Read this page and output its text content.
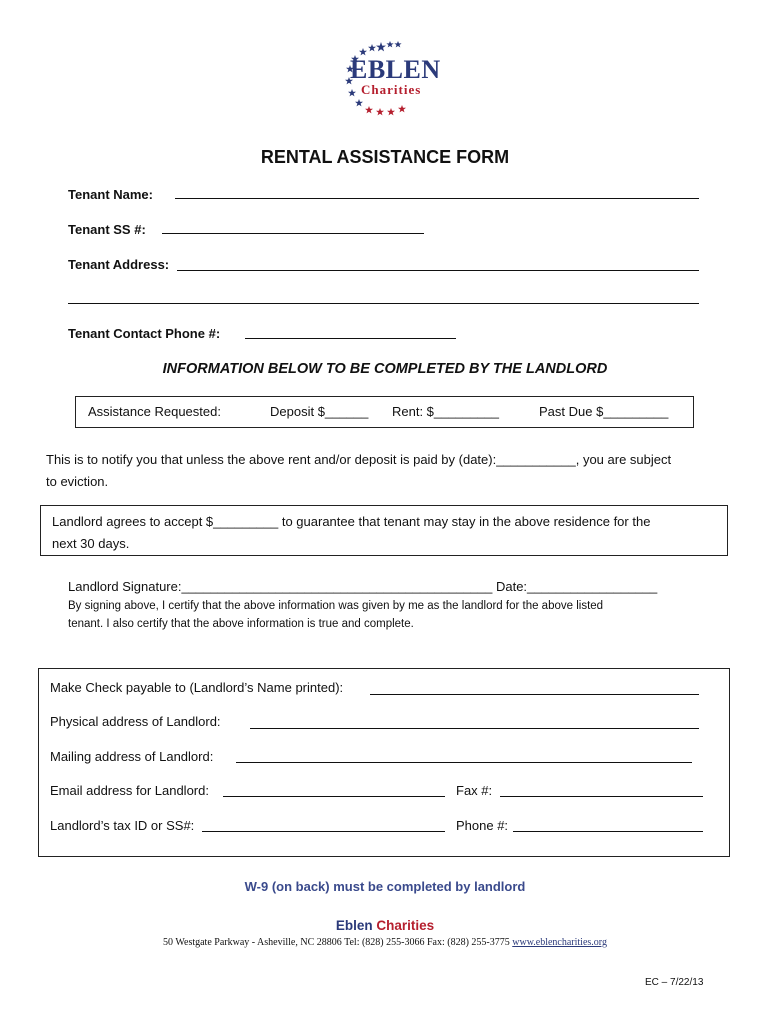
EBLEN
Charities
RENTAL ASSISTANCE FORM
Tenant Name:
Tenant SS #:
Tenant Address:
Tenant Contact Phone #:
INFORMATION BELOW TO BE COMPLETED BY THE LANDLORD
Assistance Requested:	Deposit $______ Rent: $_________	Past Due $_________
This is to notify you that unless the above rent and/or deposit is paid by (date):___________, you are subject
to eviction.
Landlord agrees to accept $_________ to guarantee that tenant may stay in the above residence for the
next 30 days.
Landlord Signature:___________________________________________ Date:__________________
By signing above, I certify that the above information was given by me as the landlord for the above listed
tenant. I also certify that the above information is true and complete.
Make Check payable to (Landlord’s Name printed):
Physical address of Landlord:
Mailing address of Landlord:
Email address for Landlord:	Fax #:
Landlord’s tax ID or SS#:	Phone #:
W-9 (on back) must be completed by landlord
Eblen Charities
50 Westgate Parkway - Asheville, NC 28806 Tel: (828) 255-3066 Fax: (828) 255-3775 www.eblencharities.org
EC – 7/22/13
